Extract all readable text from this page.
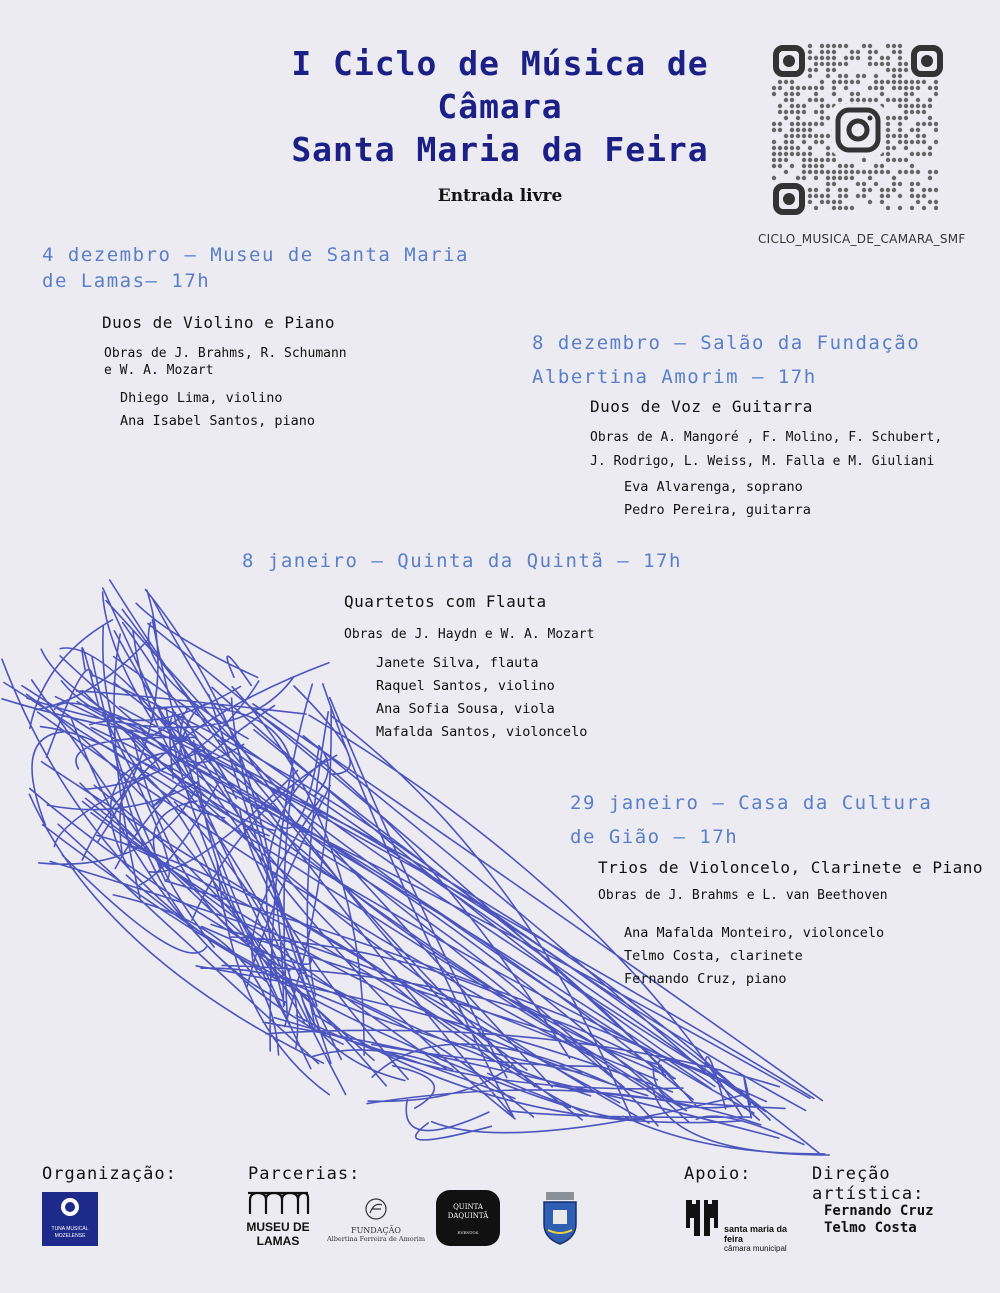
I Ciclo de Música de
Câmara
Santa Maria da Feira
Entrada livre
CICLO_MUSICA_DE_CAMARA_SMF
4 dezembro – Museu de Santa Maria
de Lamas– 17h
Duos de Violino e Piano
Obras de J. Brahms, R. Schumann
e W. A. Mozart
Dhiego Lima, violino
Ana Isabel Santos, piano
8 dezembro – Salão da Fundação
Albertina Amorim – 17h
Duos de Voz e Guitarra
Obras de A. Mangoré , F. Molino, F. Schubert,
J. Rodrigo, L. Weiss, M. Falla e M. Giuliani
Eva Alvarenga, soprano
Pedro Pereira, guitarra
8 janeiro – Quinta da Quintã – 17h
Quartetos com Flauta
Obras de J. Haydn e W. A. Mozart
Janete Silva, flauta
Raquel Santos, violino
Ana Sofia Sousa, viola
Mafalda Santos, violoncelo
29 janeiro – Casa da Cultura
de Gião – 17h
Trios de Violoncelo, Clarinete e Piano
Obras de J. Brahms e L. van Beethoven
Ana Mafalda Monteiro, violoncelo
Telmo Costa, clarinete
Fernando Cruz, piano
Organização:	Parcerias:	Apoio:	Direção artística:
Fernando Cruz
Telmo Costa
TUNA MUSICAL
MOZELENSE
MUSEU DE
LAMAS
FUNDAÇÃO
Albertina Ferreira de Amorim
QUINTA
DAQUINTÃ
EVENTOS	santa maria da feira
câmara municipal
